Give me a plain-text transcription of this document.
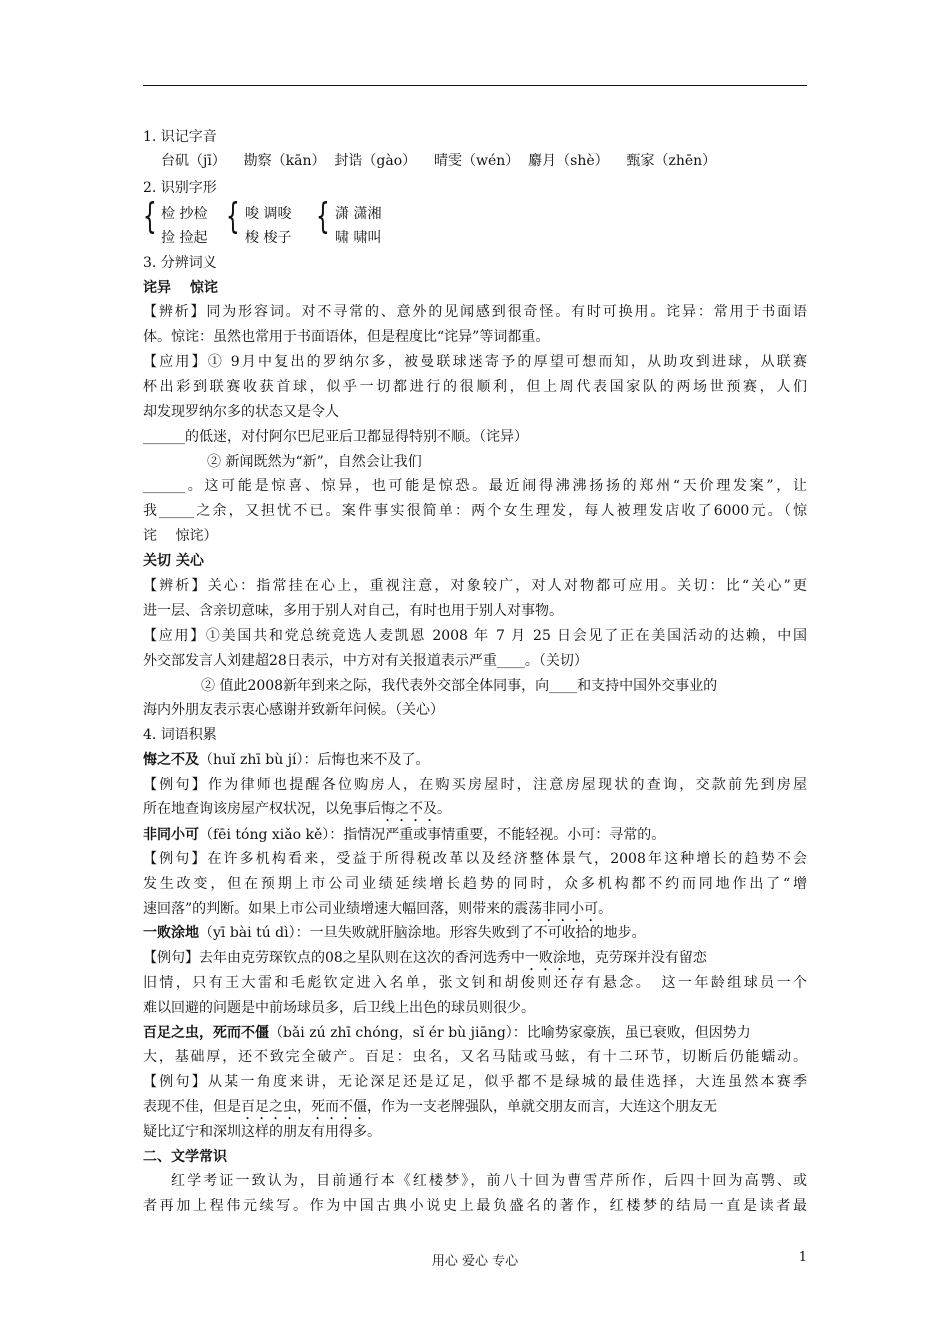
1. 识记字音
台矶（jī） 勘察（kān） 封诰（gào） 晴雯（wén） 麝月（shè） 甄家（zhēn）
2. 识别字形
{ { {
检 抄检	唆 调唆	潇 潇湘
捡 捡起	梭 梭子	啸 啸叫
3. 分辨词义
诧异　 惊诧
【辨析】同为形容词。对不寻常的、意外的见闻感到很奇怪。有时可换用。诧异：常用于书面语
体。惊诧：虽然也常用于书面语体，但是程度比“诧异”等词都重。
【应用】① 9月中复出的罗纳尔多，被曼联球迷寄予的厚望可想而知，从助攻到进球，从联赛
杯出彩到联赛收获首球，似乎一切都进行的很顺利，但上周代表国家队的两场世预赛，人们
却发现罗纳尔多的状态又是令人
______的低迷，对付阿尔巴尼亚后卫都显得特别不顺。（诧异）
② 新闻既然为“新”，自然会让我们
______。这可能是惊喜、惊异，也可能是惊恐。最近闹得沸沸扬扬的郑州“天价理发案”，让
我_____之余，又担忧不已。案件事实很简单：两个女生理发，每人被理发店收了6000元。（惊
诧　 惊诧）
关切 关心
【辨析】关心：指常挂在心上，重视注意，对象较广，对人对物都可应用。关切：比“关心”更
进一层、含亲切意味，多用于别人对自己，有时也用于别人对事物。
【应用】①美国共和党总统竞选人麦凯恩 2008 年 7 月 25 日会见了正在美国活动的达赖，中国
外交部发言人刘建超28日表示，中方对有关报道表示严重____。（关切）
② 值此2008新年到来之际，我代表外交部全体同事，向____和支持中国外交事业的
海内外朋友表示衷心感谢并致新年问候。（关心）
4. 词语积累
悔之不及（huǐ zhī bù jí）：后悔也来不及了。
【例句】作为律师也提醒各位购房人，在购买房屋时，注意房屋现状的查询，交款前先到房屋
所在地查询该房屋产权状况，以免事后悔之不及。
非同小可（fēi tóng xiǎo kě）：指情况严重或事情重要，不能轻视。小可：寻常的。
【例句】在许多机构看来，受益于所得税改革以及经济整体景气，2008年这种增长的趋势不会
发生改变，但在预期上市公司业绩延续增长趋势的同时，众多机构都不约而同地作出了“增
速回落”的判断。如果上市公司业绩增速大幅回落，则带来的震荡非同小可。
一败涂地（yī bài tú dì）：一旦失败就肝脑涂地。形容失败到了不可收拾的地步。
【例句】去年由克劳琛钦点的08之星队则在这次的香河选秀中一败涂地，克劳琛并没有留恋
旧情，只有王大雷和毛彪钦定进入名单，张文钊和胡俊则还存有悬念。　这一年龄组球员一个
难以回避的问题是中前场球员多，后卫线上出色的球员则很少。
百足之虫，死而不僵（bǎi zú zhī chóng，sǐ ér bù jiāng）：比喻势家豪族，虽已衰败，但因势力
大，基础厚，还不致完全破产。百足：虫名，又名马陆或马蚿，有十二环节，切断后仍能蠕动。
【例句】从某一角度来讲，无论深足还是辽足，似乎都不是绿城的最佳选择，大连虽然本赛季
表现不佳，但是百足之虫，死而不僵，作为一支老牌强队，单就交朋友而言，大连这个朋友无
疑比辽宁和深圳这样的朋友有用得多。
二、文学常识
红学考证一致认为，目前通行本《红楼梦》，前八十回为曹雪芹所作，后四十回为高鹗、或
者再加上程伟元续写。作为中国古典小说史上最负盛名的著作，红楼梦的结局一直是读者最
用心 爱心 专心	1
